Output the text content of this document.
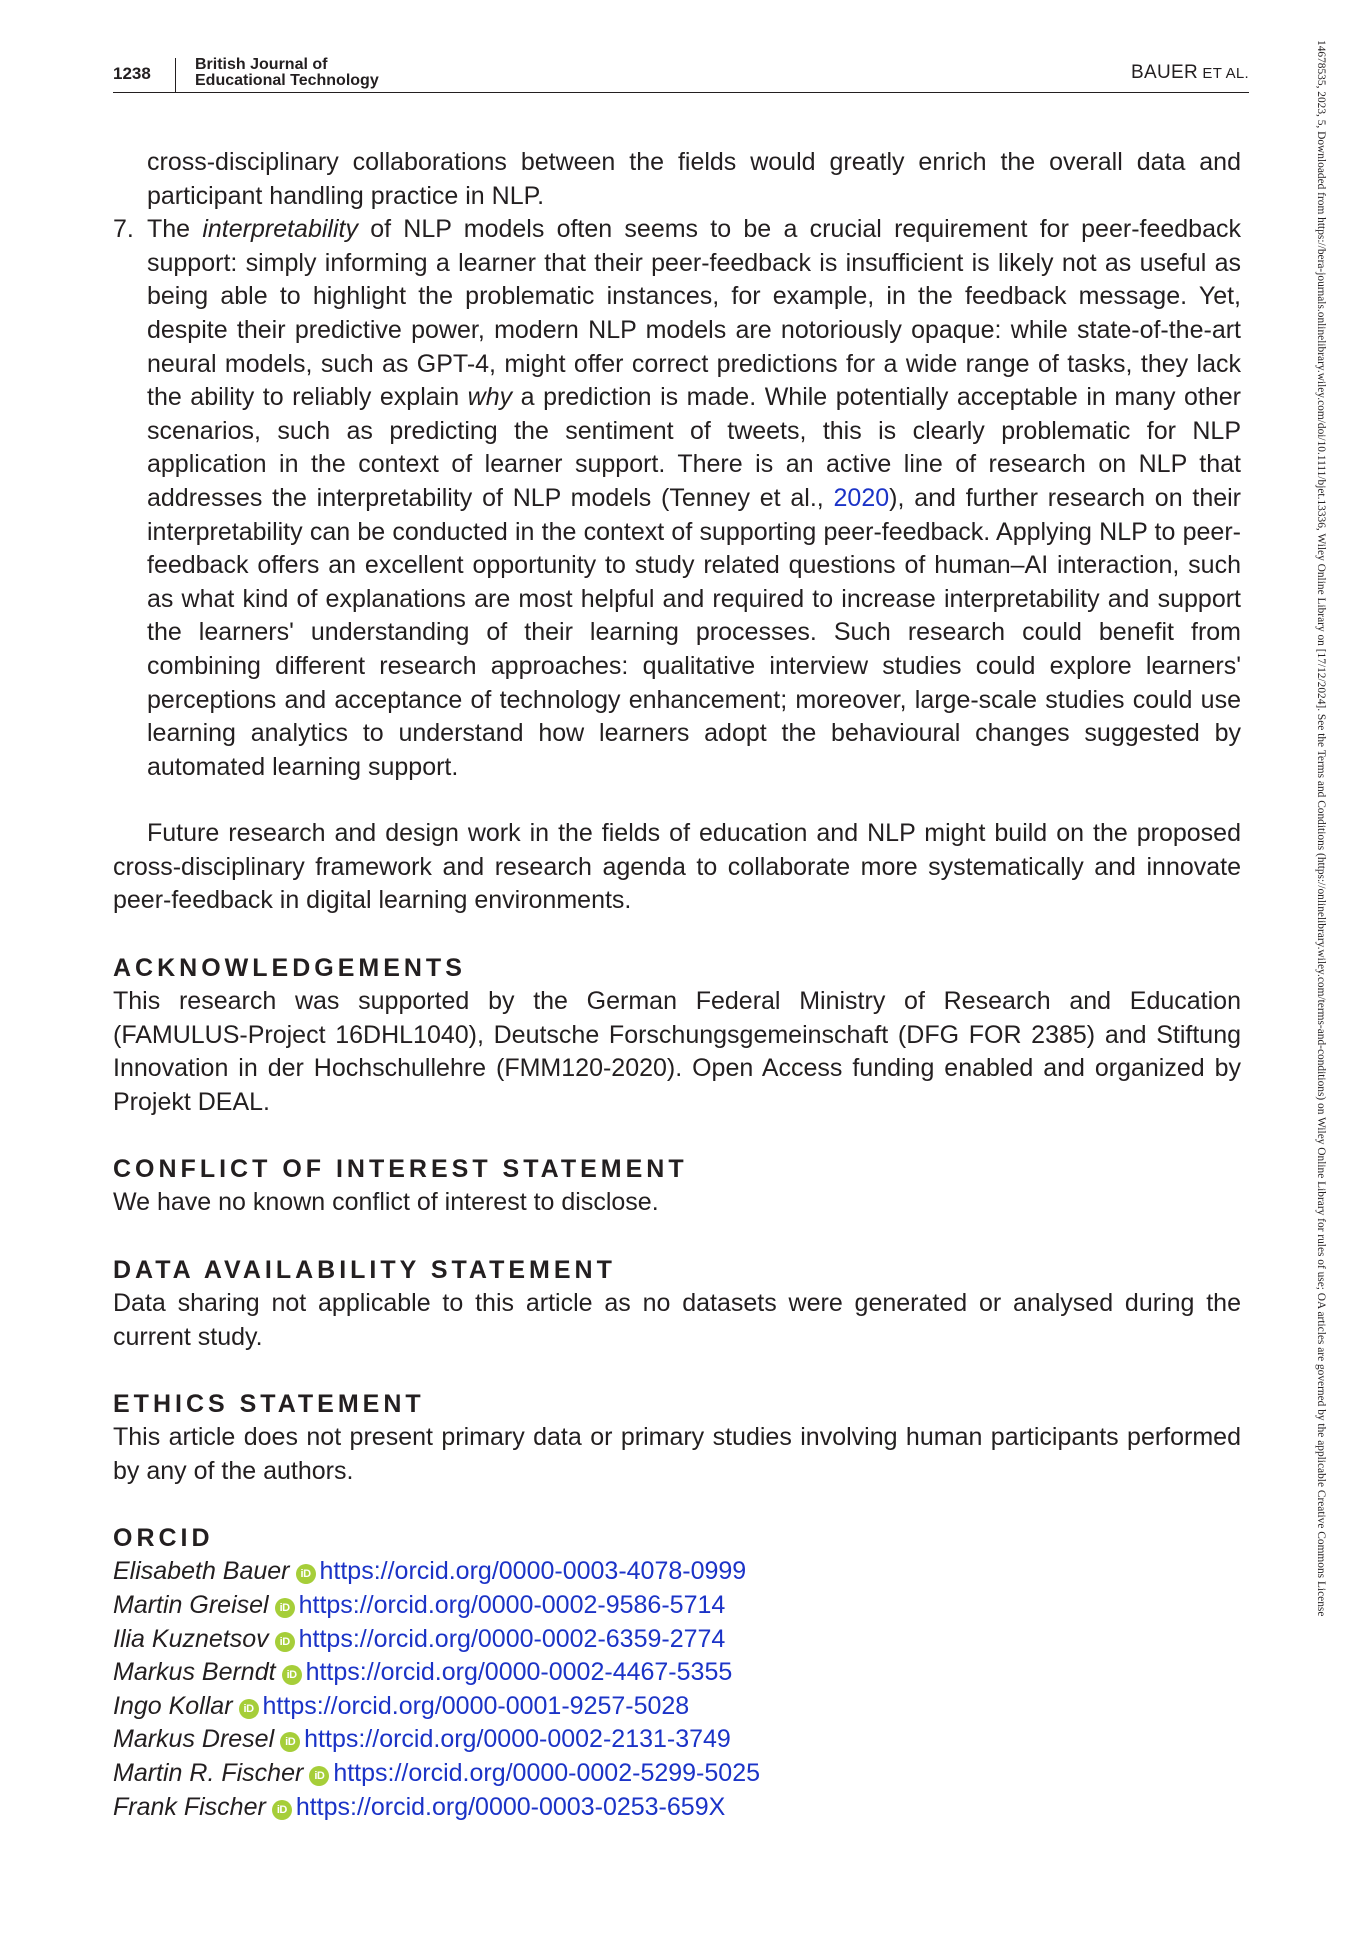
1238	British Journal of
Educational Technology	BAUER ET AL.	14678535, 2023, 5, Downloaded from https://bera-journals.onlinelibrary.wiley.com/doi/10.1111/bjet.13336, Wiley Online Library on [17/12/2024]. See the Terms and Conditions (https://onlinelibrary.wiley.com/terms-and-conditions) on Wiley Online Library for rules of use; OA articles are governed by the applicable Creative Commons License

cross-disciplinary collaborations between the fields would greatly enrich the overall data and participant handling practice in NLP.

7. The interpretability of NLP models often seems to be a crucial requirement for peer-feedback support: simply informing a learner that their peer-feedback is insufficient is likely not as useful as being able to highlight the problematic instances, for example, in the feedback message. Yet, despite their predictive power, modern NLP models are notoriously opaque: while state-of-the-art neural models, such as GPT-4, might offer correct predictions for a wide range of tasks, they lack the ability to reliably explain why a prediction is made. While potentially acceptable in many other scenarios, such as predicting the sentiment of tweets, this is clearly problematic for NLP application in the context of learner support. There is an active line of research on NLP that addresses the interpretability of NLP models (Tenney et al., 2020), and further research on their interpretability can be conducted in the context of supporting peer-feedback. Applying NLP to peer-feedback offers an excellent opportunity to study related questions of human–AI interaction, such as what kind of explanations are most helpful and required to increase interpretability and support the learners' understanding of their learning processes. Such research could benefit from combining different research approaches: qualitative interview studies could explore learners' perceptions and acceptance of technology enhancement; moreover, large-scale studies could use learning analytics to understand how learners adopt the behavioural changes suggested by automated learning support.

Future research and design work in the fields of education and NLP might build on the proposed cross-disciplinary framework and research agenda to collaborate more systematically and innovate peer-feedback in digital learning environments.

ACKNOWLEDGEMENTS

This research was supported by the German Federal Ministry of Research and Education (FAMULUS-Project 16DHL1040), Deutsche Forschungsgemeinschaft (DFG FOR 2385) and Stiftung Innovation in der Hochschullehre (FMM120-2020). Open Access funding enabled and organized by Projekt DEAL.

CONFLICT OF INTEREST STATEMENT

We have no known conflict of interest to disclose.

DATA AVAILABILITY STATEMENT

Data sharing not applicable to this article as no datasets were generated or analysed during the current study.

ETHICS STATEMENT

This article does not present primary data or primary studies involving human participants performed by any of the authors.

ORCID
Elisabeth Bauer iD https://orcid.org/0000-0003-4078-0999
Martin Greisel iD https://orcid.org/0000-0002-9586-5714
Ilia Kuznetsov iD https://orcid.org/0000-0002-6359-2774
Markus Berndt iD https://orcid.org/0000-0002-4467-5355
Ingo Kollar iD https://orcid.org/0000-0001-9257-5028
Markus Dresel iD https://orcid.org/0000-0002-2131-3749
Martin R. Fischer iD https://orcid.org/0000-0002-5299-5025
Frank Fischer iD https://orcid.org/0000-0003-0253-659X
